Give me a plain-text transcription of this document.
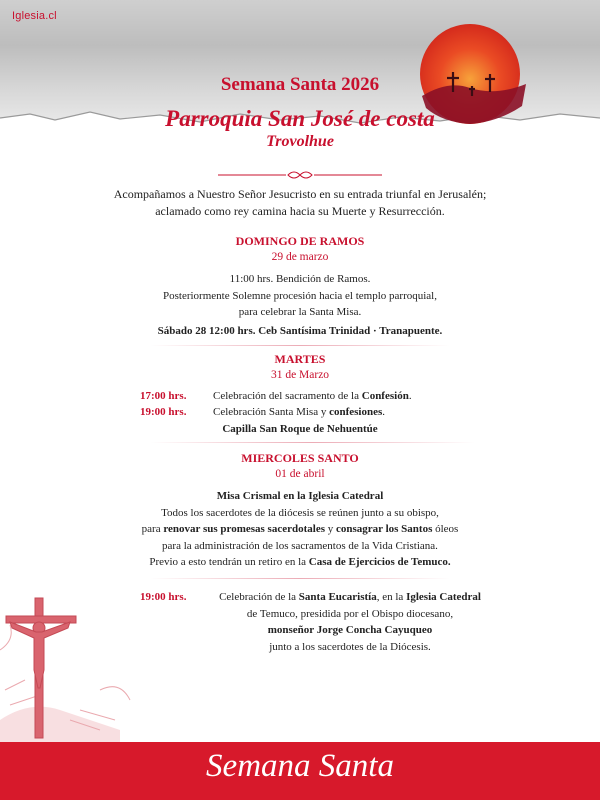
Iglesia.cl
Semana Santa 2026
Parroquia San José de costa
Trovolhue
Acompañamos a Nuestro Señor Jesucristo en su entrada triunfal en Jerusalén;
aclamado como rey camina hacia su Muerte y Resurrección.
DOMINGO DE RAMOS
29 de marzo
11:00 hrs. Bendición de Ramos.
Posteriormente Solemne procesión hacia el templo parroquial,
para celebrar la Santa Misa.
Sábado 28 12:00 hrs. Ceb Santísima Trinidad · Tranapuente.
MARTES
31 de Marzo
17:00 hrs. Celebración del sacramento de la Confesión.
19:00 hrs. Celebración Santa Misa y confesiones.
Capilla San Roque de Nehuentúe
MIERCOLES SANTO
01 de abril
Misa Crismal en la Iglesia Catedral
Todos los sacerdotes de la diócesis se reúnen junto a su obispo,
para renovar sus promesas sacerdotales y consagrar los Santos óleos
para la administración de los sacramentos de la Vida Cristiana.
Previo a esto tendrán un retiro en la Casa de Ejercicios de Temuco.
19:00 hrs.	Celebración de la Santa Eucaristía, en la Iglesia Catedral
de Temuco, presidida por el Obispo diocesano,
monseñor Jorge Concha Cayuqueo
junto a los sacerdotes de la Diócesis.
Semana Santa
